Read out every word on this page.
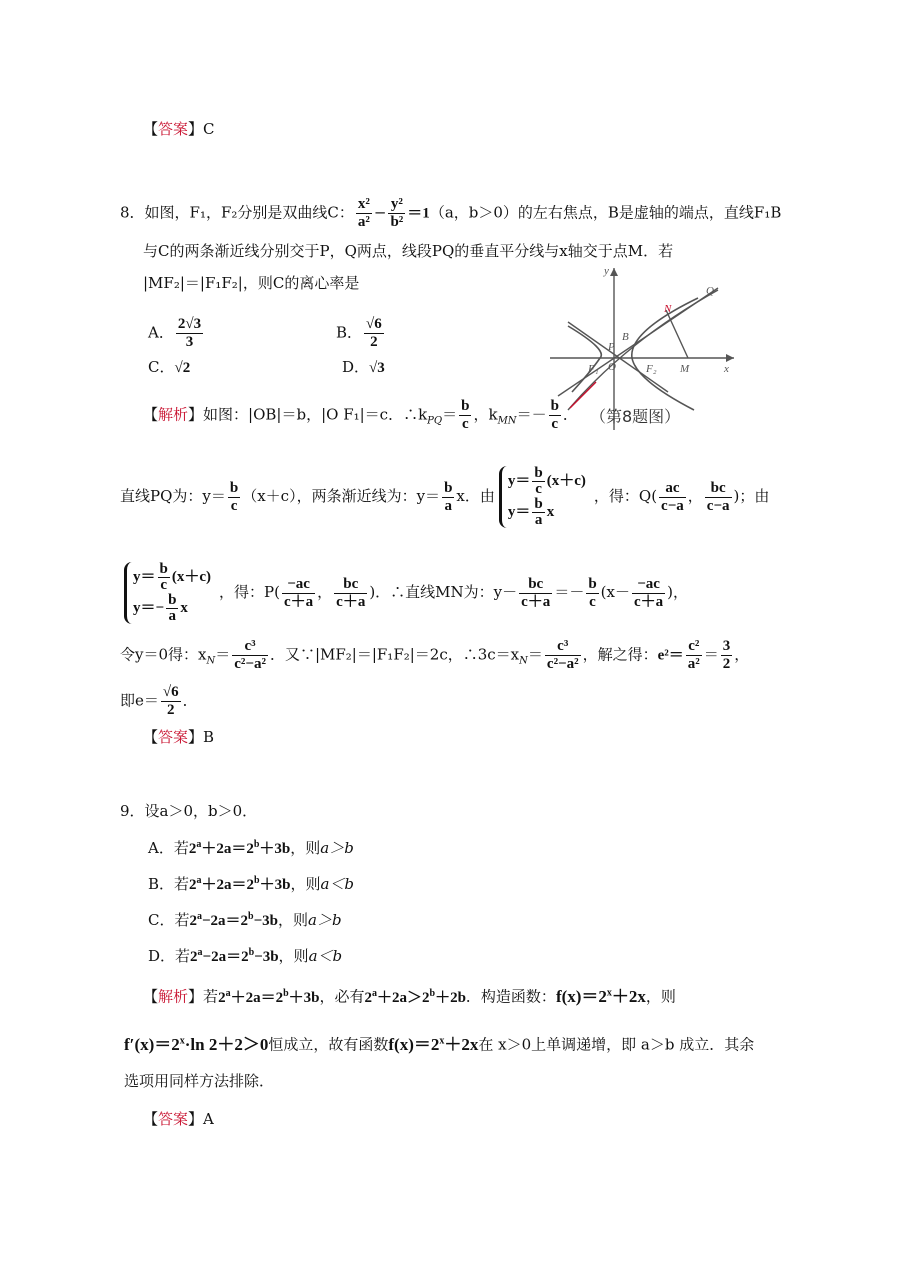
【答案】C
8．如图，F₁，F₂分别是双曲线C： $\frac{\text{x²}}{\text{a²}} - \frac{\text{y²}}{\text{b²}} =1(a$，b＞0）的左右焦点，B是虚轴的端点，直线F₁B
与C的两条渐近线分别交于P，Q两点，线段PQ的垂直平分线与x轴交于点M．若
|MF₂|＝|F₁F₂|，则C的离心率是
A． $\frac{2√3}{3}$	B． $\frac{√6}{2}$
C．√2	D．√3
y
Q
N
B
P
O
F₁	F₂ M	x
（第8题图）
【解析】如图：|OB|＝b，|O F₁|＝c．$\therefore k_{PQ}= \frac{b}{c}$ ，$k_{MN}=- \frac{b}{c}$ ．
直线PQ为：$y= \frac{b}{c} (x+c)$，两条渐近线为：$y= \frac{b}{a}$ x．由
$y= \frac{b}{c} (x+c)$
$y= \frac{b}{a}$ x
，得：$Q( \frac{ac}{c-a}$ ， $\frac{bc}{c-a}$ )；由
$y= \frac{b}{c} (x+c)$
$y=- \frac{b}{a}$ x
，得：$P( \frac{-ac}{c+a}$ ， $\frac{bc}{c+a}$ )．∴直线MN为：$y- \frac{bc}{c+a} =- \frac{b}{c} (x- \frac{-ac}{c+a}$ )，
令y＝0得：$x_N= \frac{\text{c³}}{\text{c²−a²}}$ ．又∵|MF₂|＝|F₁F₂|＝2c，$\therefore 3c=x_N= \frac{\text{c³}}{\text{c²−a²}}$ ，解之得：$e^2= \frac{\text{c²}}{\text{a²}} = \frac{3}{2}$ ，
即$e= \frac{√6}{2}$ ．
【答案】B
9．设a＞0，b＞0．
A．若$2^a+2a=2^b+3b$，则a＞b
B．若$2^a+2a=2^b+3b$，则a＜b
C．若$2^a-2a=2^b-3b$，则a＞b
D．若$2^a-2a=2^b-3b$，则a＜b
【解析】若$2^a+2a=2^b+3b$，必有$2^a+2a>2^b+2b$．构造函数：$f(x)=2^x+2x$，则
$f'(x)=2^x\cdot\ln$ 2＋2＞0恒成立，故有函数$f(x)=2^x+2x$在 x＞0上单调递增，即 a＞b 成立．其余
选项用同样方法排除．
【答案】A
